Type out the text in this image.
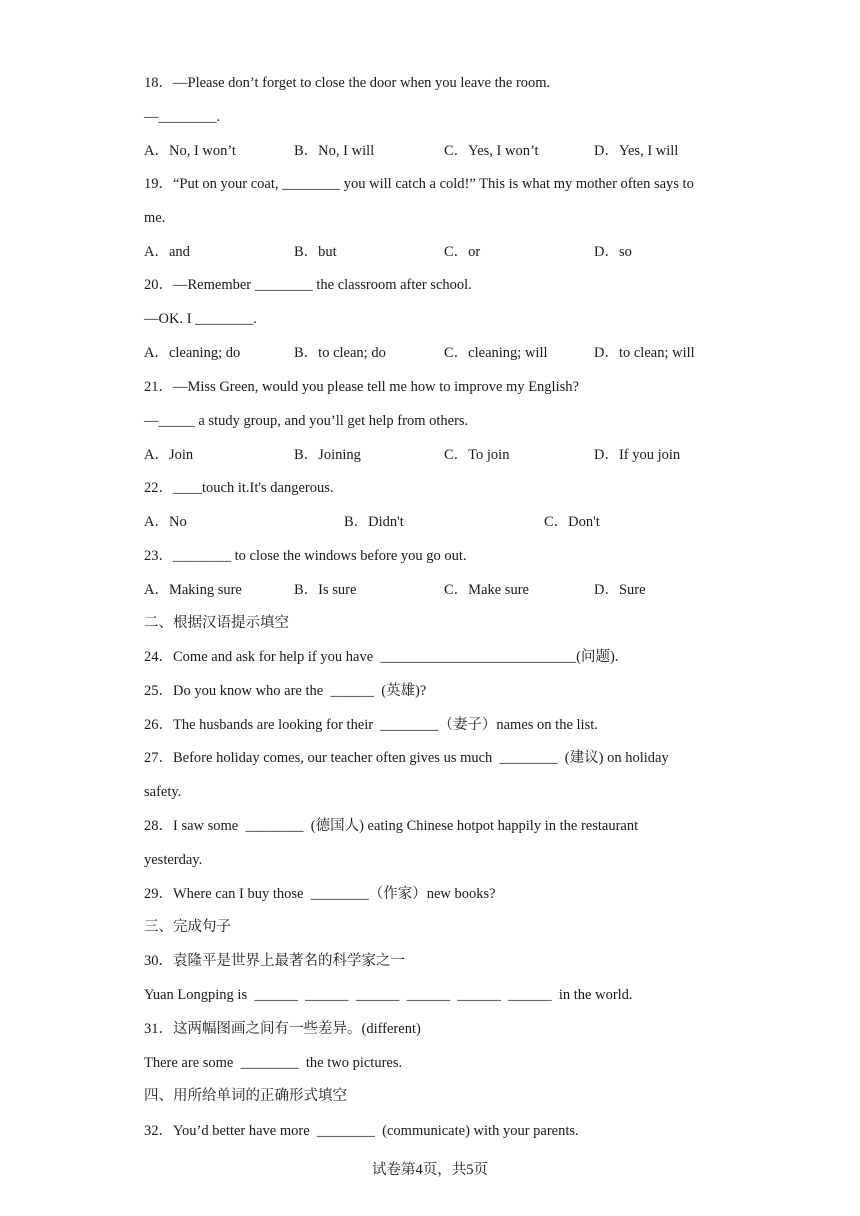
18．—Please don’t forget to close the door when you leave the room.
—________.
A．No, I won’t	B．No, I will	C．Yes, I won’t	D．Yes, I will
19．“Put on your coat, ________ you will catch a cold!” This is what my mother often says to
me.
A．and	B．but	C．or	D．so
20．—Remember ________ the classroom after school.
—OK. I ________.
A．cleaning; do	B．to clean; do	C．cleaning; will	D．to clean; will
21．—Miss Green, would you please tell me how to improve my English?
—_____ a study group, and you’ll get help from others.
A．Join	B．Joining	C．To join	D．If you join
22．____touch it.It's dangerous.
A．No	B．Didn't	C．Don't
23．________ to close the windows before you go out.
A．Making sure	B．Is sure	C．Make sure	D．Sure
二、根据汉语提示填空
24．Come and ask for help if you have  ___________________________(问题).
25．Do you know who are the  ______  (英雄)?
26．The husbands are looking for their  ________（妻子）names on the list.
27．Before holiday comes, our teacher often gives us much  ________  (建议) on holiday
safety.
28．I saw some  ________  (德国人) eating Chinese hotpot happily in the restaurant
yesterday.
29．Where can I buy those  ________（作家）new books?
三、完成句子
30．袁隆平是世界上最著名的科学家之一
Yuan Longping is  ______  ______  ______  ______  ______  ______  in the world.
31．这两幅图画之间有一些差异。(different)
There are some  ________  the two pictures.
四、用所给单词的正确形式填空
32．You’d better have more  ________  (communicate) with your parents.
试卷第4页，共5页
